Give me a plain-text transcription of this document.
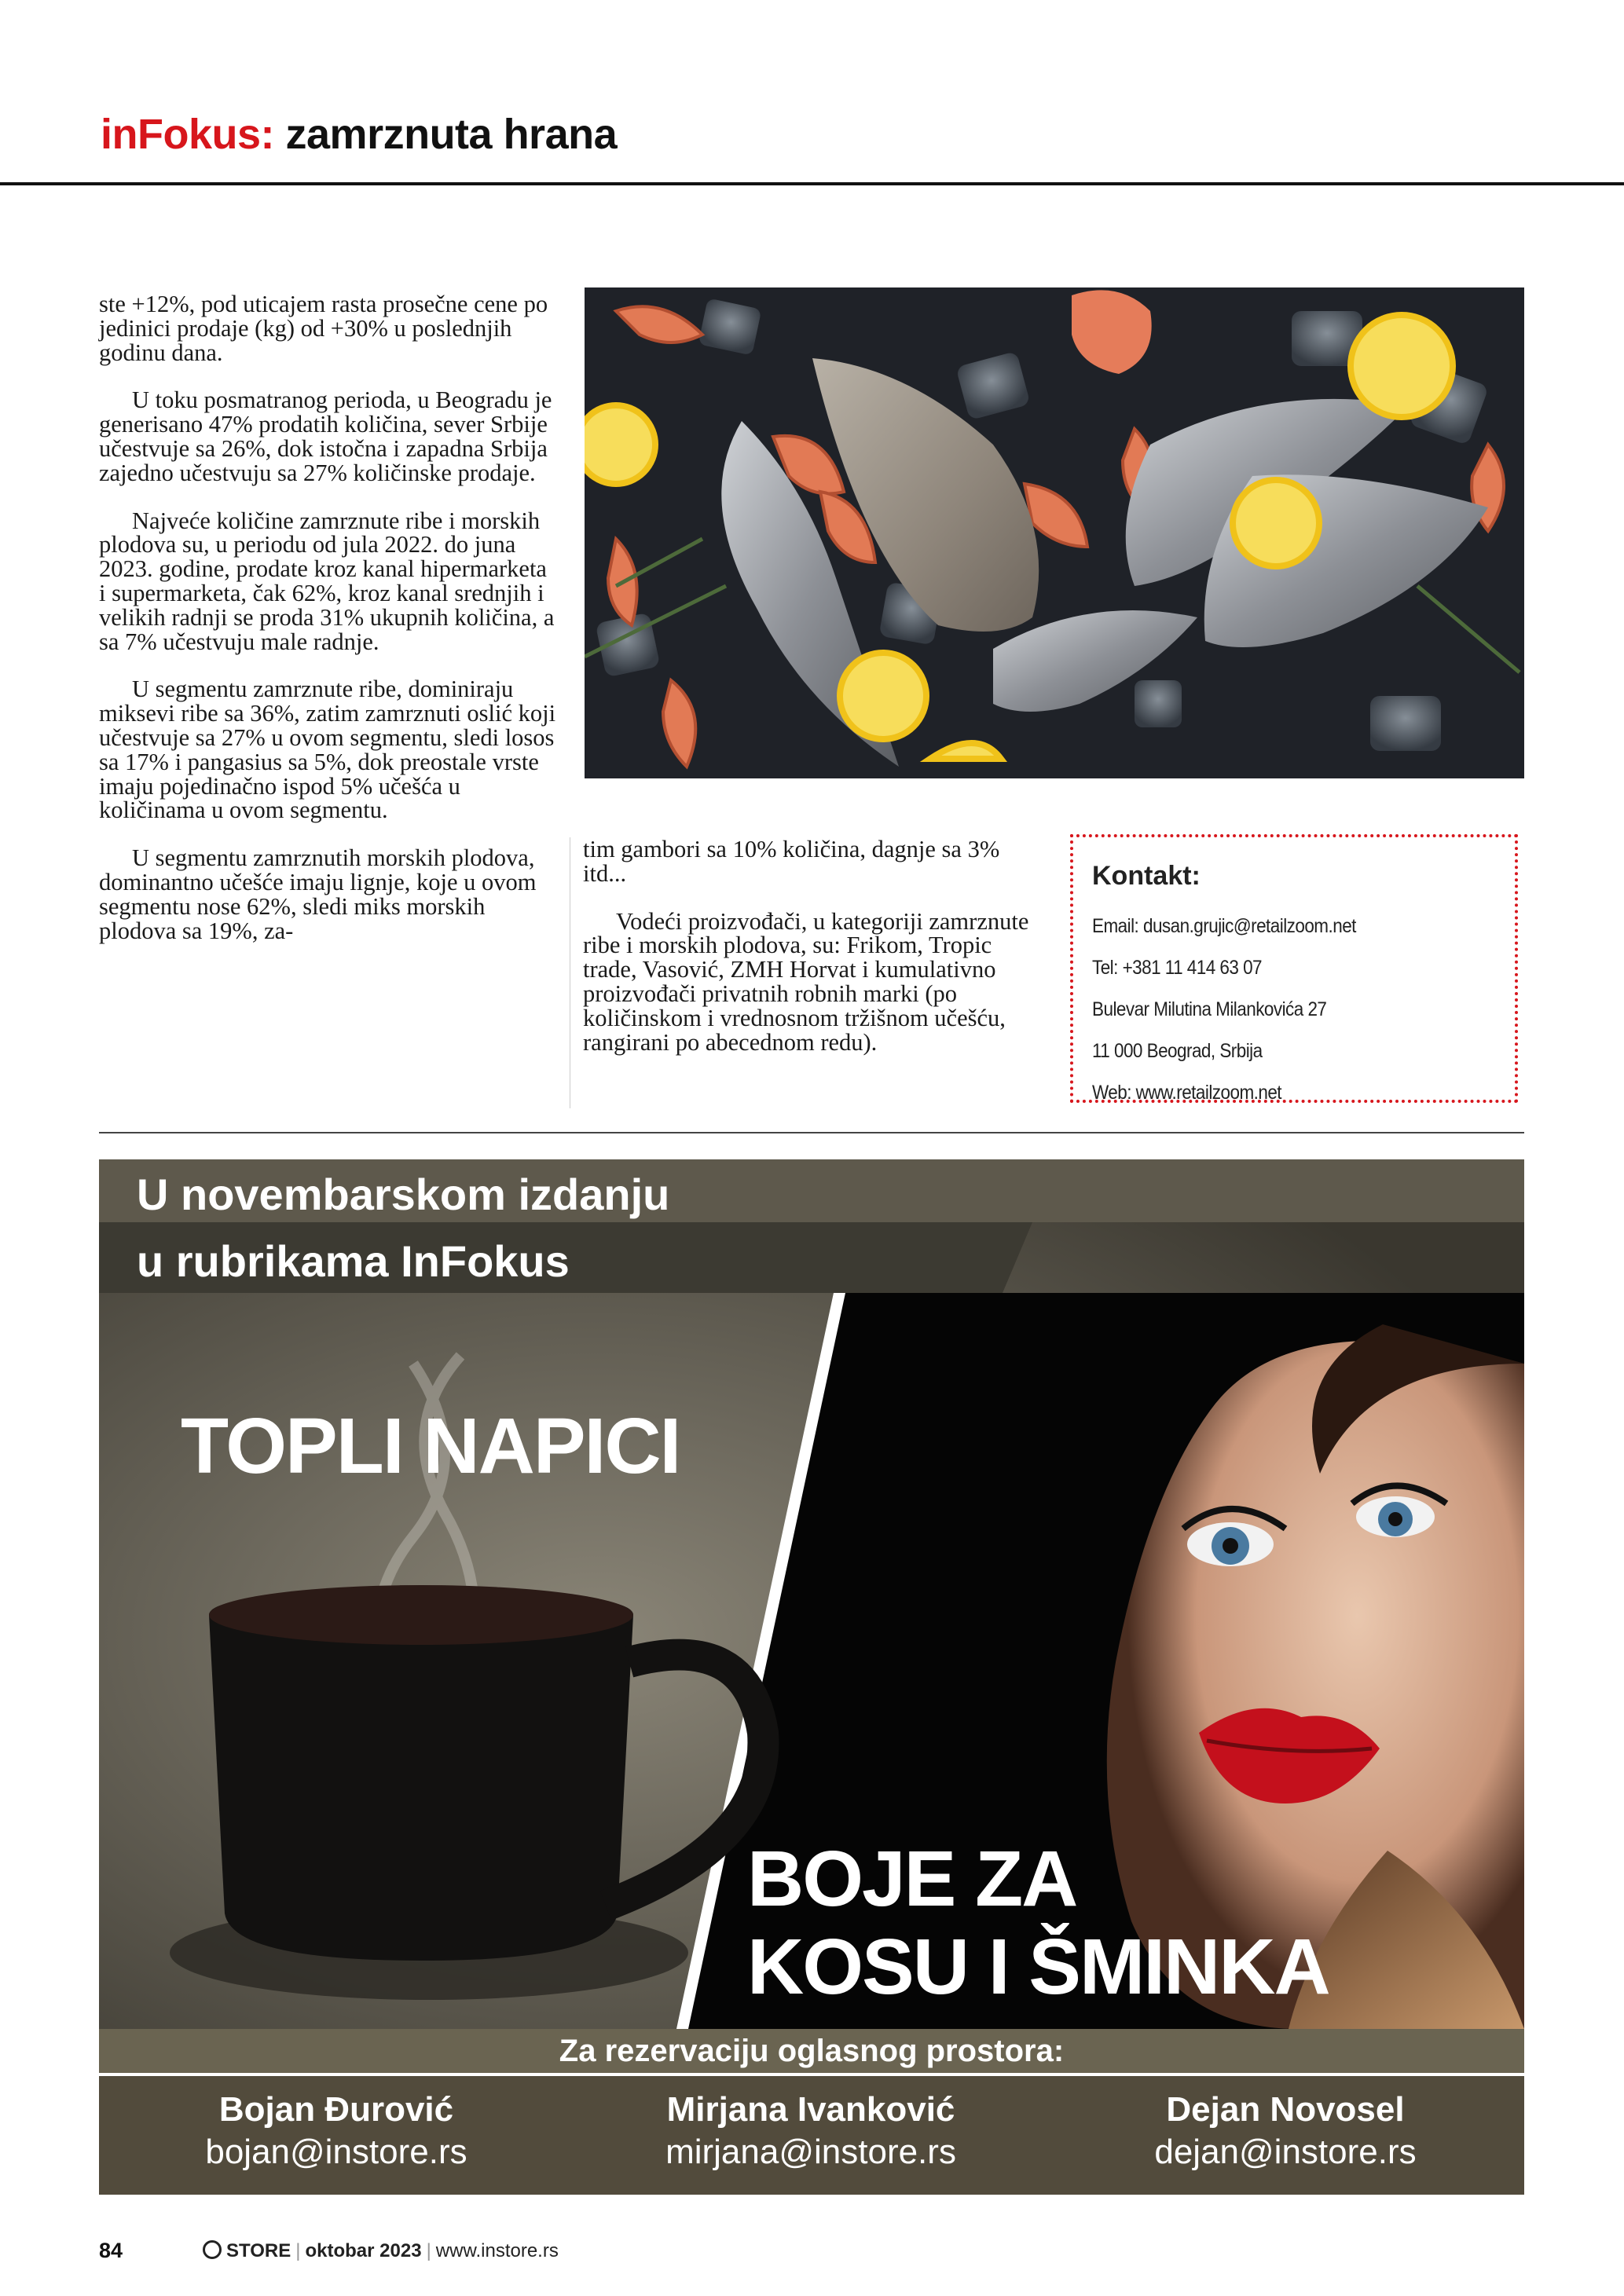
inFokus: zamrznuta hrana

ste +12%, pod uticajem rasta prosečne cene po jedinici prodaje (kg) od +30% u poslednjih godinu dana.

U toku posmatranog perioda, u Beogradu je generisano 47% prodatih količina, sever Srbije učestvuje sa 26%, dok istočna i zapadna Srbija zajedno učestvuju sa 27% količinske prodaje.

Najveće količine zamrznute ribe i morskih plodova su, u periodu od jula 2022. do juna 2023. godine, prodate kroz kanal hipermarketa i supermarketa, čak 62%, kroz kanal srednjih i velikih radnji se proda 31% ukupnih količina, a sa 7% učestvuju male radnje.

U segmentu zamrznute ribe, dominiraju miksevi ribe sa 36%, zatim zamrznuti oslić koji učestvuje sa 27% u ovom segmentu, sledi losos sa 17% i pangasius sa 5%, dok preostale vrste imaju pojedinačno ispod 5% učešća u količinama u ovom segmentu.

U segmentu zamrznutih morskih plodova, dominantno učešće imaju lignje, koje u ovom segmentu nose 62%, sledi miks morskih plodova sa 19%, za-

tim gambori sa 10% količina, dagnje sa 3% itd...

Vodeći proizvođači, u kategoriji zamrznute ribe i morskih plodova, su: Frikom, Tropic trade, Vasović, ZMH Horvat i kumulativno proizvođači privatnih robnih marki (po količinskom i vrednosnom tržišnom učešću, rangirani po abecednom redu).

Kontakt:
Email: dusan.grujic@retailzoom.net
Tel: +381 11 414 63 07
Bulevar Milutina Milankovića 27
11 000 Beograd, Srbija
Web: www.retailzoom.net
U novembarskom izdanju
u rubrikama InFokus
TOPLI NAPICI
BOJE ZA
KOSU I ŠMINKA
Za rezervaciju oglasnog prostora:
Bojan Đurović
bojan@instore.rs
Mirjana Ivanković
mirjana@instore.rs
Dejan Novosel
dejan@instore.rs
84	STORE | oktobar 2023 | www.instore.rs
